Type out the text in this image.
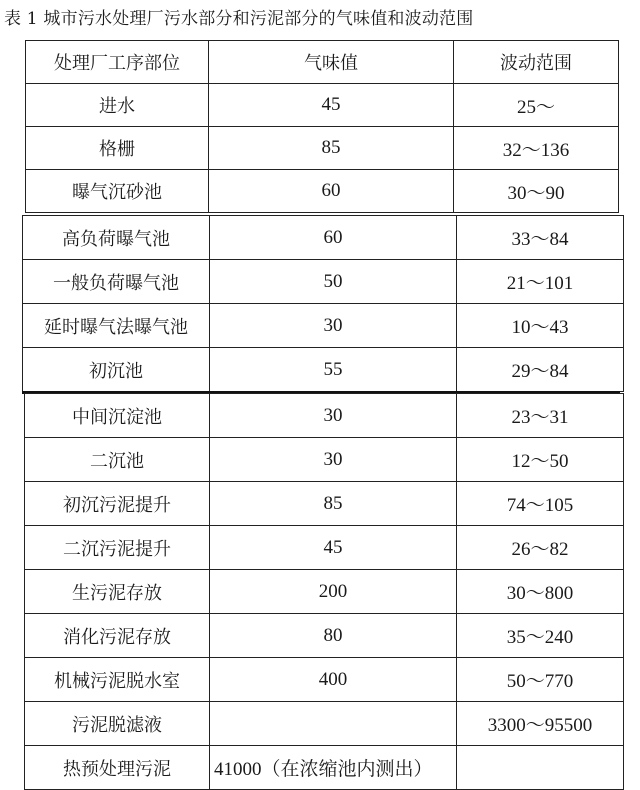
表 1 城市污水处理厂污水部分和污泥部分的气味值和波动范围
处理厂工序部位	气味值	波动范围
进水	45	25～
格栅	85	32～136
曝气沉砂池	60	30～90
高负荷曝气池	60	33～84
一般负荷曝气池	50	21～101
延时曝气法曝气池	30	10～43
初沉池	55	29～84
中间沉淀池	30	23～31
二沉池	30	12～50
初沉污泥提升	85	74～105
二沉污泥提升	45	26～82
生污泥存放	200	30～800
消化污泥存放	80	35～240
机械污泥脱水室	400	50～770
污泥脱滤液		3300～95500
热预处理污泥	41000（在浓缩池内测出）	
